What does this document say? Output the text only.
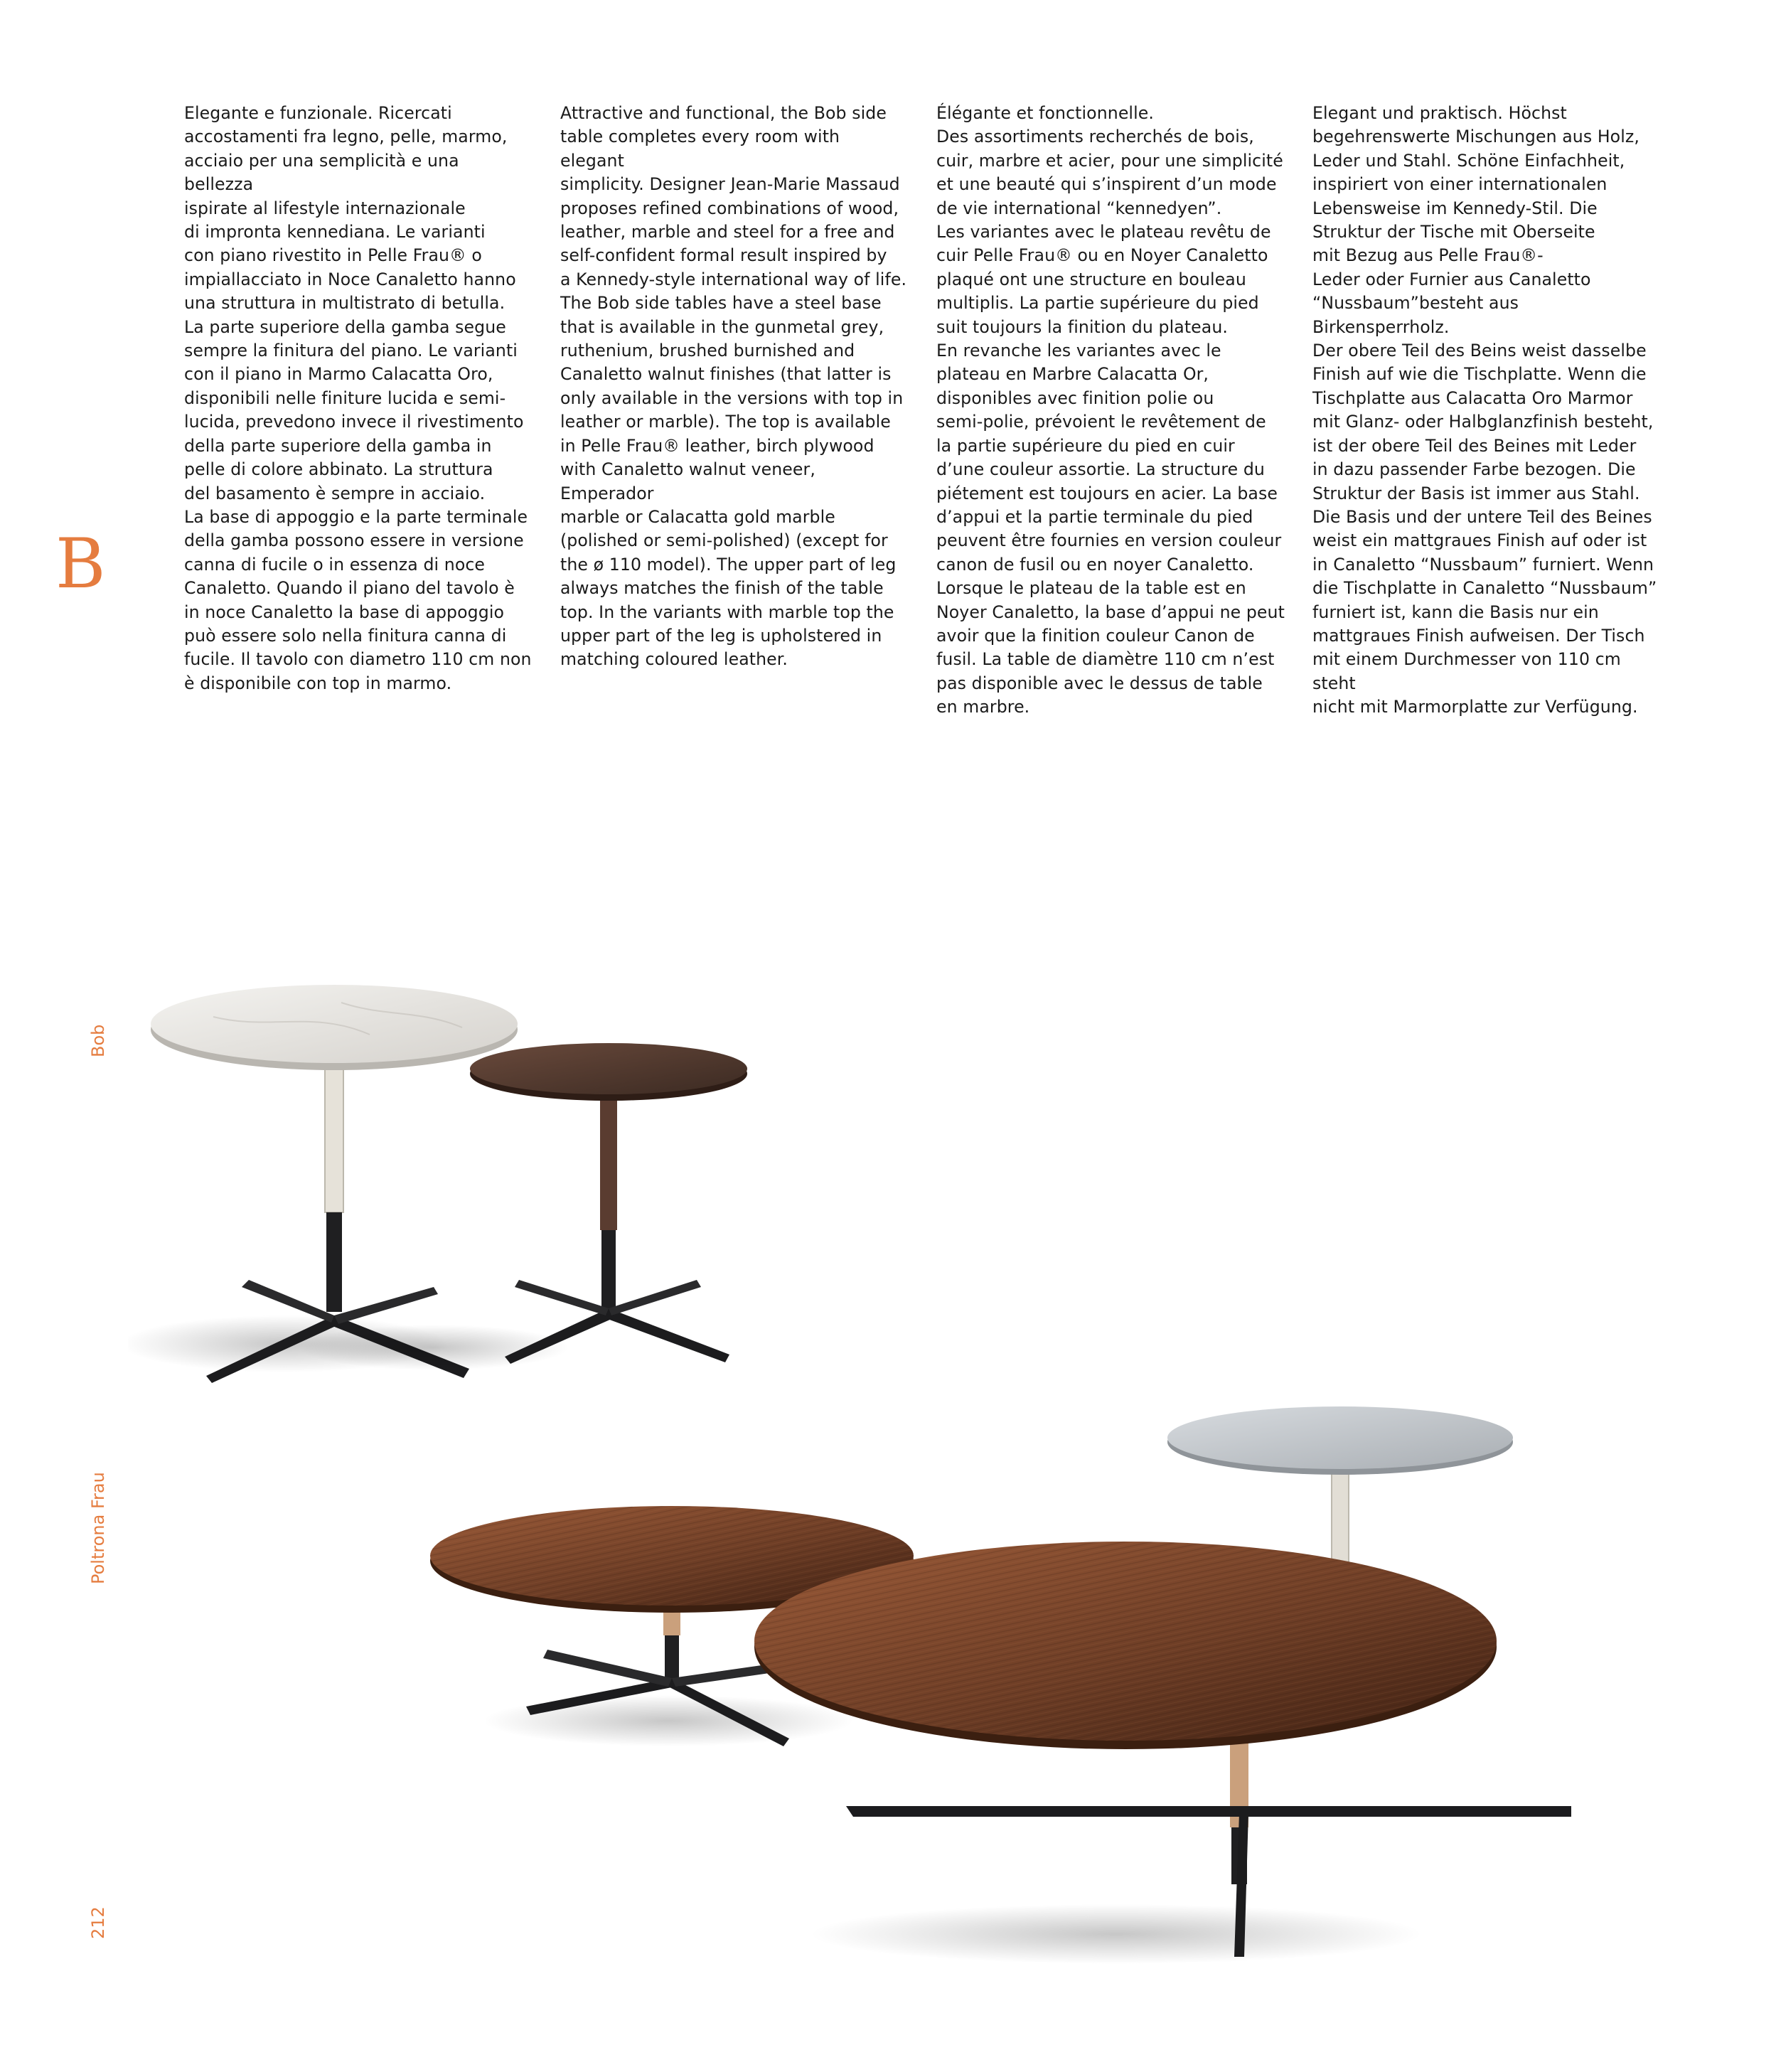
Elegante e funzionale. Ricercati
accostamenti fra legno, pelle, marmo,
acciaio per una semplicità e una bellezza
ispirate al lifestyle internazionale
di impronta kennediana. Le varianti
con piano rivestito in Pelle Frau® o
impiallacciato in Noce Canaletto hanno
una struttura in multistrato di betulla.
La parte superiore della gamba segue
sempre la finitura del piano. Le varianti
con il piano in Marmo Calacatta Oro,
disponibili nelle finiture lucida e semi-
lucida, prevedono invece il rivestimento
della parte superiore della gamba in
pelle di colore abbinato. La struttura
del basamento è sempre in acciaio.
La base di appoggio e la parte terminale
della gamba possono essere in versione
canna di fucile o in essenza di noce
Canaletto. Quando il piano del tavolo è
in noce Canaletto la base di appoggio
può essere solo nella finitura canna di
fucile. Il tavolo con diametro 110 cm non
è disponibile con top in marmo.
Attractive and functional, the Bob side
table completes every room with elegant
simplicity. Designer Jean-Marie Massaud
proposes refined combinations of wood,
leather, marble and steel for a free and
self-confident formal result inspired by
a Kennedy-style international way of life.
The Bob side tables have a steel base
that is available in the gunmetal grey,
ruthenium, brushed burnished and
Canaletto walnut finishes (that latter is
only available in the versions with top in
leather or marble). The top is available
in Pelle Frau® leather, birch plywood
with Canaletto walnut veneer, Emperador
marble or Calacatta gold marble
(polished or semi-polished) (except for
the ø 110 model). The upper part of leg
always matches the finish of the table
top. In the variants with marble top the
upper part of the leg is upholstered in
matching coloured leather.
Élégante et fonctionnelle.
Des assortiments recherchés de bois,
cuir, marbre et acier, pour une simplicité
et une beauté qui s’inspirent d’un mode
de vie international “kennedyen”.
Les variantes avec le plateau revêtu de
cuir Pelle Frau® ou en Noyer Canaletto
plaqué ont une structure en bouleau
multiplis. La partie supérieure du pied
suit toujours la finition du plateau.
En revanche les variantes avec le
plateau en Marbre Calacatta Or,
disponibles avec finition polie ou
semi-polie, prévoient le revêtement de
la partie supérieure du pied en cuir
d’une couleur assortie. La structure du
piétement est toujours en acier. La base
d’appui et la partie terminale du pied
peuvent être fournies en version couleur
canon de fusil ou en noyer Canaletto.
Lorsque le plateau de la table est en
Noyer Canaletto, la base d’appui ne peut
avoir que la finition couleur Canon de
fusil. La table de diamètre 110 cm n’est
pas disponible avec le dessus de table
en marbre.
Elegant und praktisch. Höchst
begehrenswerte Mischungen aus Holz,
Leder und Stahl. Schöne Einfachheit,
inspiriert von einer internationalen
Lebensweise im Kennedy-Stil. Die
Struktur der Tische mit Oberseite
mit Bezug aus Pelle Frau®-
Leder oder Furnier aus Canaletto
“Nussbaum”besteht aus Birkensperrholz.
Der obere Teil des Beins weist dasselbe
Finish auf wie die Tischplatte. Wenn die
Tischplatte aus Calacatta Oro Marmor
mit Glanz- oder Halbglanzfinish besteht,
ist der obere Teil des Beines mit Leder
in dazu passender Farbe bezogen. Die
Struktur der Basis ist immer aus Stahl.
Die Basis und der untere Teil des Beines
weist ein mattgraues Finish auf oder ist
in Canaletto “Nussbaum” furniert. Wenn
die Tischplatte in Canaletto “Nussbaum”
furniert ist, kann die Basis nur ein
mattgraues Finish aufweisen. Der Tisch
mit einem Durchmesser von 110 cm steht
nicht mit Marmorplatte zur Verfügung.
B
Bob
Poltrona Frau
212
